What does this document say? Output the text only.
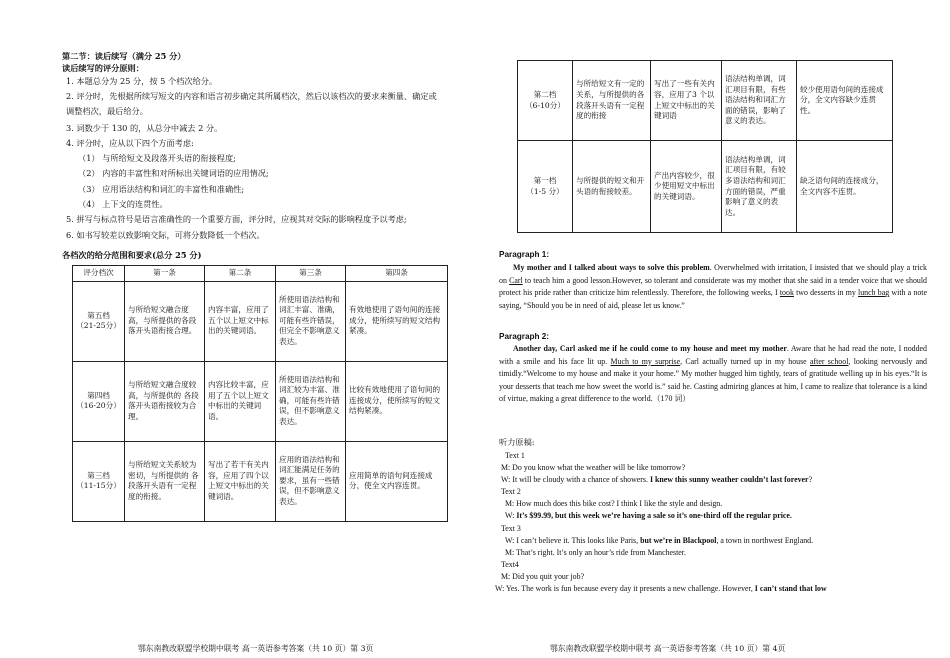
第二节：读后续写（满分 25 分）
读后续写的评分原则：
1. 本题总分为 25 分，按 5 个档次给分。
2. 评分时，先根据所续写短文的内容和语言初步确定其所属档次，然后以该档次的要求来衡量、确定或
调整档次，最后给分。
3. 词数少于 130 的，从总分中减去 2 分。
4. 评分时，应从以下四个方面考虑:
（1） 与所给短文及段落开头语的衔接程度;
（2） 内容的丰富性和对所标出关键词语的应用情况;
（3） 应用语法结构和词汇的丰富性和准确性;
（4） 上下文的连贯性。
5. 拼写与标点符号是语言准确性的一个重要方面，评分时，应视其对交际的影响程度予以考虑;
6. 如书写较差以致影响交际，可将分数降低一个档次。
各档次的给分范围和要求(总分 25 分)
评分档次	第一条	第二条	第三条	第四条

第五档
（21-25分）	与所给短文融合度高，与所提供的各段落开头语衔接合理。	内容丰富，应用了五个以上短文中标出的关键词语。	所使用语法结构和词汇丰富、准确，可能有些许错误，但完全不影响意义表达。	有效地使用了语句间的连接成分，使所续写的短文结构紧凑。

第四档
（16-20分）	与所给短文融合度较高，与所提供的 各段落开头语衔接较为合理。	内容比较丰富，应用了五个以上短文中标出的关键词语。	所使用语法结构和词汇较为丰富、准确，可能有些许错误，但不影响意义表达。	比较有效地使用了语句间的连接成分，使所续写的短文结构紧凑。

第三档
（11-15分）	与所给短文关系较为密切，与所提供的 各段落开头语有一定程度的衔接。	写出了若干有关内容，应用了四个以上短文中标出的关键词语。	应用的语法结构和词汇能满足任务的要求，虽有一些错误，但不影响意义表达。	应用简单的语句间连接成分，使全文内容连贯。
鄂东南教改联盟学校期中联考 高一英语参考答案（共 10 页）第 3页
第二档
（6-10分）	与所给短文有一定的关系，与所提供的各段落开头语有一定程度的衔接	写出了一些有关内容，应用了3 个以上短文中标出的关键词语	语法结构单调，词汇项目有限，有些语法结构和词汇方面的错误，影响了意义的表达。	较少使用语句间的连接成分，全文内容缺少连贯性。

第一档
（1-5 分）	与所提供的短文和开头语的衔接较差。	产出内容较少，很少使用短文中标出的关键词语。	语法结构单调，词汇项目有限，有较多语法结构和词汇方面的错误，严重影响了意义的表达。	缺乏语句间的连接成分，全文内容不连贯。
Paragraph 1:
My mother and I talked about ways to solve this problem. Overwhelmed with irritation, I insisted that we should play a trick on Carl to teach him a good lesson.However, so tolerant and considerate was my mother that she said in a tender voice that we should protect his pride rather than criticize him relentlessly. Therefore, the following weeks, I took two desserts in my lunch bag with a note saying, “Should you be in need of aid, please let us know.”
Paragraph 2:
Another day, Carl asked me if he could come to my house and meet my mother. Aware that he had read the note, I nodded with a smile and his face lit up. Much to my surprise, Carl actually turned up in my house after school, looking nervously and timidly.“Welcome to my house and make it your home.” My mother hugged him tightly, tears of gratitude welling up in his eyes.“It is your desserts that teach me how sweet the world is.” said he. Casting admiring glances at him, I came to realize that tolerance is a kind of virtue, making a great difference to the world.（170 词）
听力原稿:
Text 1
M: Do you know what the weather will be like tomorrow?
W: It will be cloudy with a chance of showers. I knew this sunny weather couldn’t last forever?
Text 2
M: How much does this bike cost? I think I like the style and design.
W: It’s $99.99, but this week we’re having a sale so it’s one-third off the regular price.
Text 3
W: I can’t believe it. This looks like Paris, but we’re in Blackpool, a town in northwest England.
M: That’s right. It’s only an hour’s ride from Manchester.
Text4
M: Did you quit your job?
W: Yes. The work is fun because every day it presents a new challenge. However, I can’t stand that low
鄂东南教改联盟学校期中联考 高一英语参考答案（共 10 页）第 4页
